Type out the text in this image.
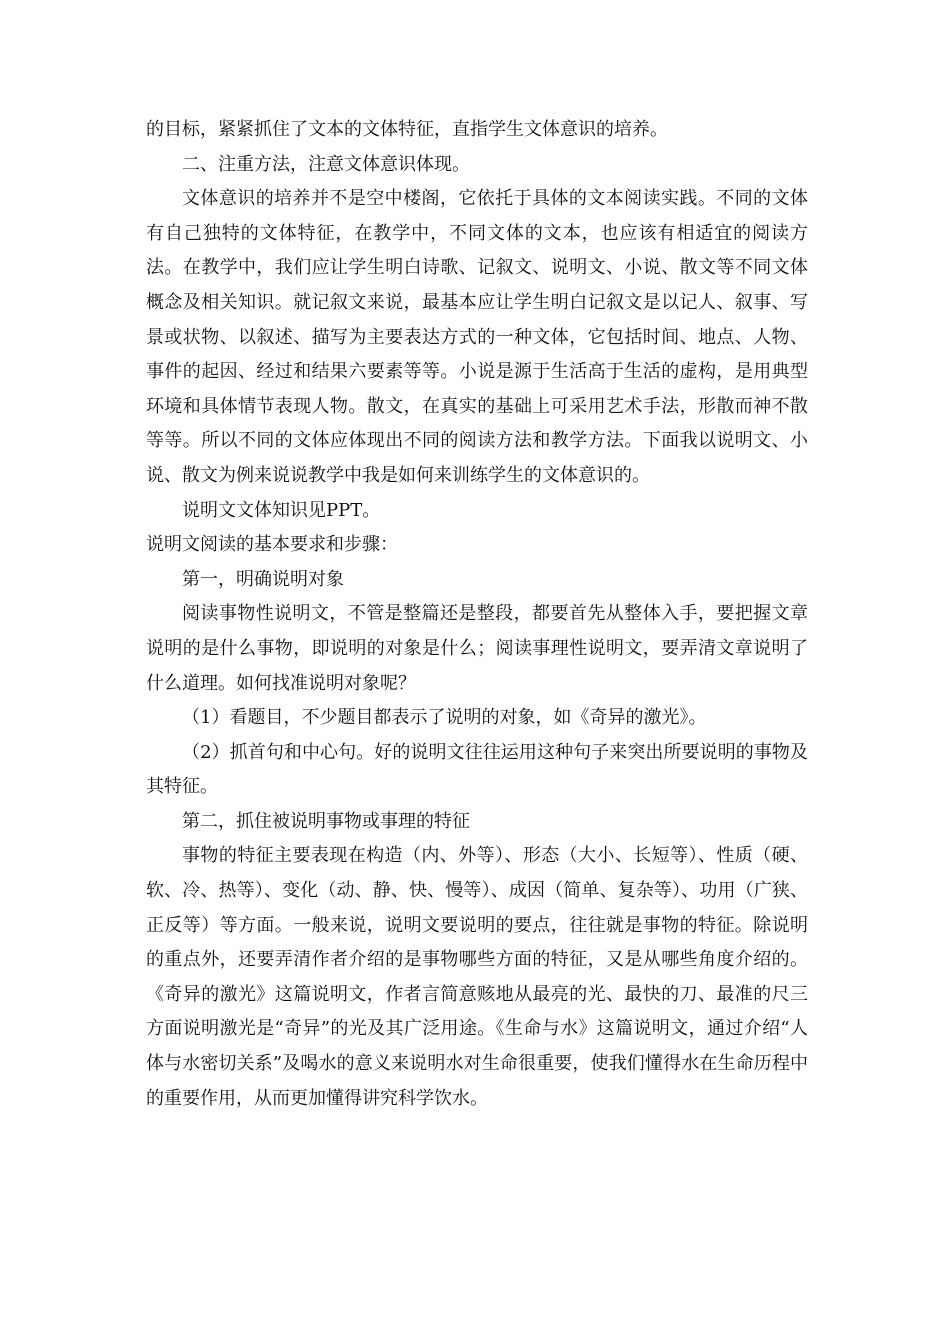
的目标，紧紧抓住了文本的文体特征，直指学生文体意识的培养。

二、注重方法，注意文体意识体现。

文体意识的培养并不是空中楼阁，它依托于具体的文本阅读实践。不同的文体有自己独特的文体特征，在教学中，不同文体的文本，也应该有相适宜的阅读方法。在教学中，我们应让学生明白诗歌、记叙文、说明文、小说、散文等不同文体概念及相关知识。就记叙文来说，最基本应让学生明白记叙文是以记人、叙事、写景或状物、以叙述、描写为主要表达方式的一种文体，它包括时间、地点、人物、事件的起因、经过和结果六要素等等。小说是源于生活高于生活的虚构，是用典型环境和具体情节表现人物。散文，在真实的基础上可采用艺术手法，形散而神不散等等。所以不同的文体应体现出不同的阅读方法和教学方法。下面我以说明文、小说、散文为例来说说教学中我是如何来训练学生的文体意识的。

说明文文体知识见PPT。

说明文阅读的基本要求和步骤：

第一，明确说明对象

阅读事物性说明文，不管是整篇还是整段，都要首先从整体入手，要把握文章说明的是什么事物，即说明的对象是什么；阅读事理性说明文，要弄清文章说明了什么道理。如何找准说明对象呢？

（1）看题目，不少题目都表示了说明的对象，如《奇异的激光》。

（2）抓首句和中心句。好的说明文往往运用这种句子来突出所要说明的事物及其特征。

第二，抓住被说明事物或事理的特征

事物的特征主要表现在构造（内、外等）、形态（大小、长短等）、性质（硬、软、冷、热等）、变化（动、静、快、慢等）、成因（简单、复杂等）、功用（广狭、正反等）等方面。一般来说，说明文要说明的要点，往往就是事物的特征。除说明的重点外，还要弄清作者介绍的是事物哪些方面的特征，又是从哪些角度介绍的。《奇异的激光》这篇说明文，作者言简意赅地从最亮的光、最快的刀、最准的尺三方面说明激光是“奇异”的光及其广泛用途。《生命与水》这篇说明文，通过介绍“人体与水密切关系”及喝水的意义来说明水对生命很重要，使我们懂得水在生命历程中的重要作用，从而更加懂得讲究科学饮水。
